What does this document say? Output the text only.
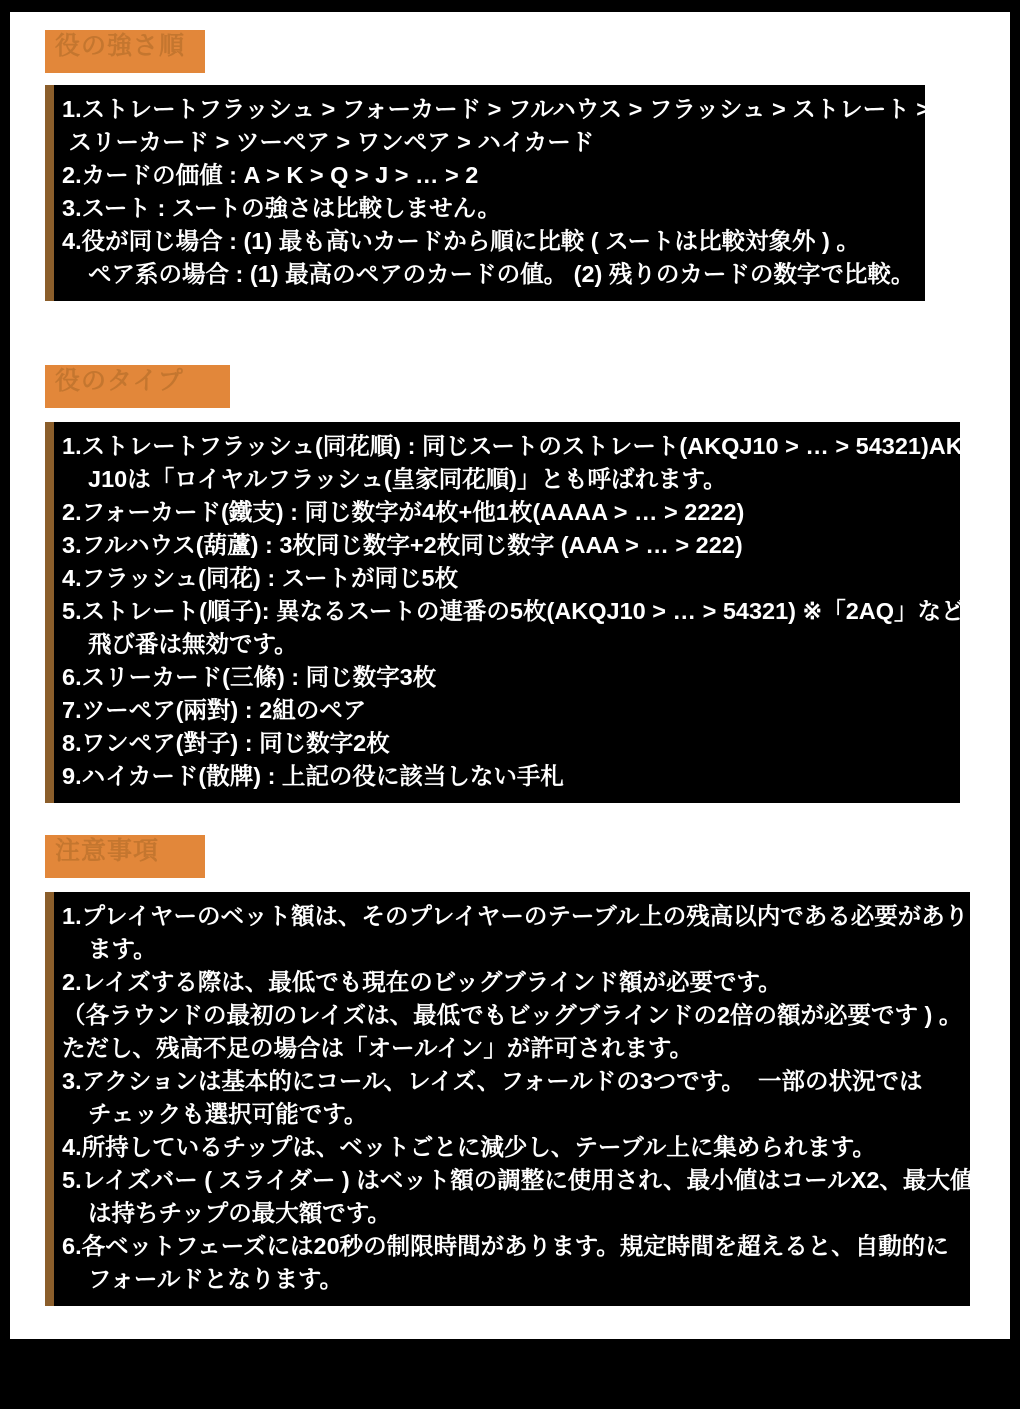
役の強さ順
1.ストレートフラッシュ > フォーカード > フルハウス > フラッシュ > ストレート >
スリーカード > ツーペア > ワンペア > ハイカード
2.カードの価値 : A > K > Q > J > … > 2
3.スート : スートの強さは比較しません。
4.役が同じ場合 : (1) 最も高いカードから順に比較 ( スートは比較対象外 ) 。
ペア系の場合 : (1) 最高のペアのカードの値。 (2) 残りのカードの数字で比較。
役のタイプ
1.ストレートフラッシュ(同花順) : 同じスートのストレート(AKQJ10 > … > 54321)AKQ
J10は「ロイヤルフラッシュ(皇家同花順)」とも呼ばれます。
2.フォーカード(鐵支) : 同じ数字が4枚+他1枚(AAAA > … > 2222)
3.フルハウス(葫蘆) : 3枚同じ数字+2枚同じ数字 (AAA > … > 222)
4.フラッシュ(同花) : スートが同じ5枚
5.ストレート(順子): 異なるスートの連番の5枚(AKQJ10 > … > 54321) ※「2AQ」など
飛び番は無効です。
6.スリーカード(三條) : 同じ数字3枚
7.ツーペア(兩對) : 2組のペア
8.ワンペア(對子) : 同じ数字2枚
9.ハイカード(散牌) : 上記の役に該当しない手札
注意事項
1.プレイヤーのベット額は、そのプレイヤーのテーブル上の残高以内である必要があり
ます。
2.レイズする際は、最低でも現在のビッグブラインド額が必要です。
（各ラウンドの最初のレイズは、最低でもビッグブラインドの2倍の額が必要です ) 。
ただし、残高不足の場合は「オールイン」が許可されます。
3.アクションは基本的にコール、レイズ、フォールドの3つです。  一部の状況では
チェックも選択可能です。
4.所持しているチップは、ベットごとに減少し、テーブル上に集められます。
5.レイズバー ( スライダー ) はベット額の調整に使用され、最小値はコールX2、最大値
は持ちチップの最大額です。
6.各ベットフェーズには20秒の制限時間があります。規定時間を超えると、自動的に
フォールドとなります。
